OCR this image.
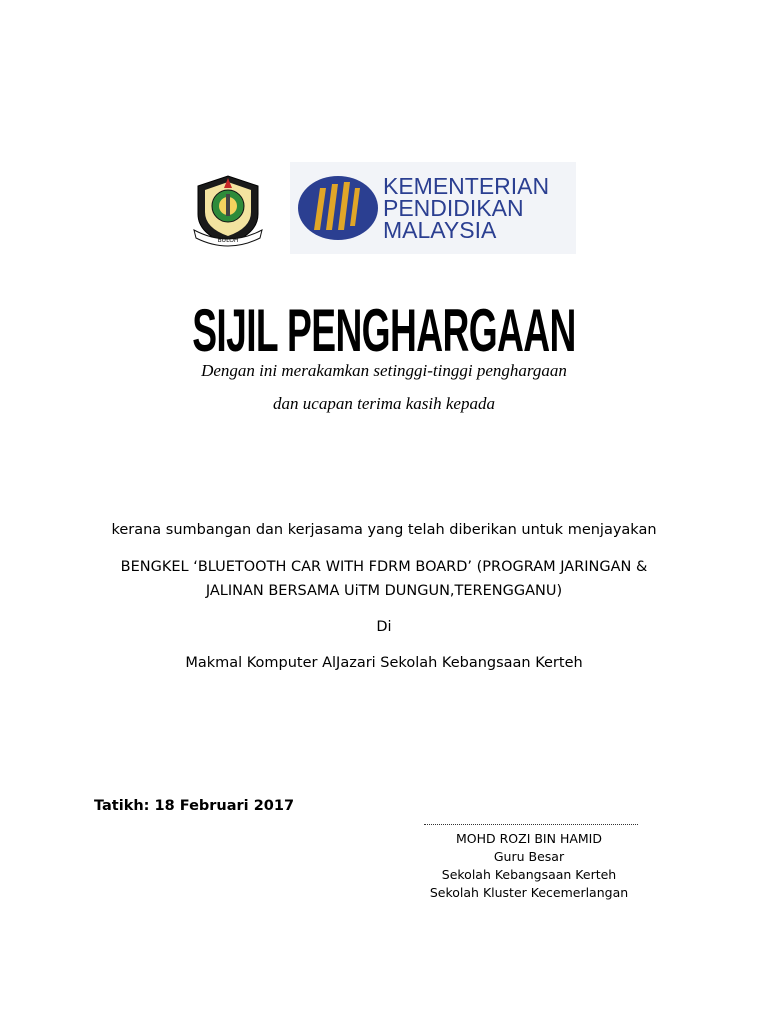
BULOH
KEMENTERIAN
PENDIDIKAN
MALAYSIA
SIJIL PENGHARGAAN
Dengan ini merakamkan setinggi-tinggi penghargaan
dan ucapan terima kasih kepada
kerana sumbangan dan kerjasama yang telah diberikan untuk menjayakan
BENGKEL ‘BLUETOOTH CAR WITH FDRM BOARD’ (PROGRAM JARINGAN &
JALINAN BERSAMA UiTM DUNGUN,TERENGGANU)
Di
Makmal Komputer AlJazari Sekolah Kebangsaan Kerteh
Tatikh: 18 Februari 2017
MOHD ROZI BIN HAMID
Guru Besar
Sekolah Kebangsaan Kerteh
Sekolah Kluster Kecemerlangan
